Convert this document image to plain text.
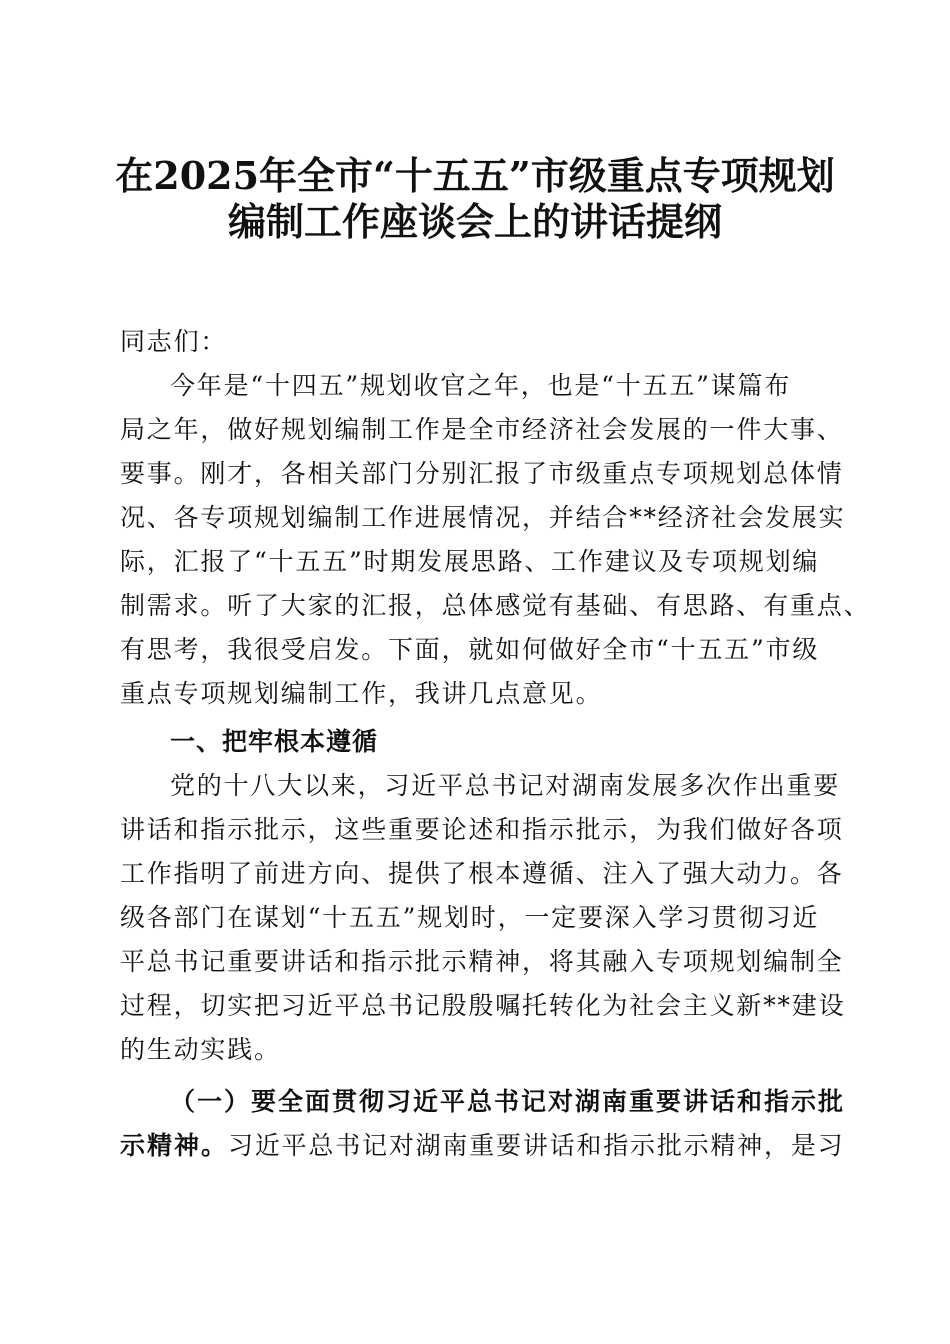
在2025年全市“十五五”市级重点专项规划
编制工作座谈会上的讲话提纲
同志们：
今年是“十四五”规划收官之年，也是“十五五”谋篇布
局之年，做好规划编制工作是全市经济社会发展的一件大事、
要事。刚才，各相关部门分别汇报了市级重点专项规划总体情
况、各专项规划编制工作进展情况，并结合**经济社会发展实
际，汇报了“十五五”时期发展思路、工作建议及专项规划编
制需求。听了大家的汇报，总体感觉有基础、有思路、有重点、
有思考，我很受启发。下面，就如何做好全市“十五五”市级
重点专项规划编制工作，我讲几点意见。
一、把牢根本遵循
党的十八大以来，习近平总书记对湖南发展多次作出重要
讲话和指示批示，这些重要论述和指示批示，为我们做好各项
工作指明了前进方向、提供了根本遵循、注入了强大动力。各
级各部门在谋划“十五五”规划时，一定要深入学习贯彻习近
平总书记重要讲话和指示批示精神，将其融入专项规划编制全
过程，切实把习近平总书记殷殷嘱托转化为社会主义新**建设
的生动实践。
（一）要全面贯彻习近平总书记对湖南重要讲话和指示批
示精神。习近平总书记对湖南重要讲话和指示批示精神，是习
